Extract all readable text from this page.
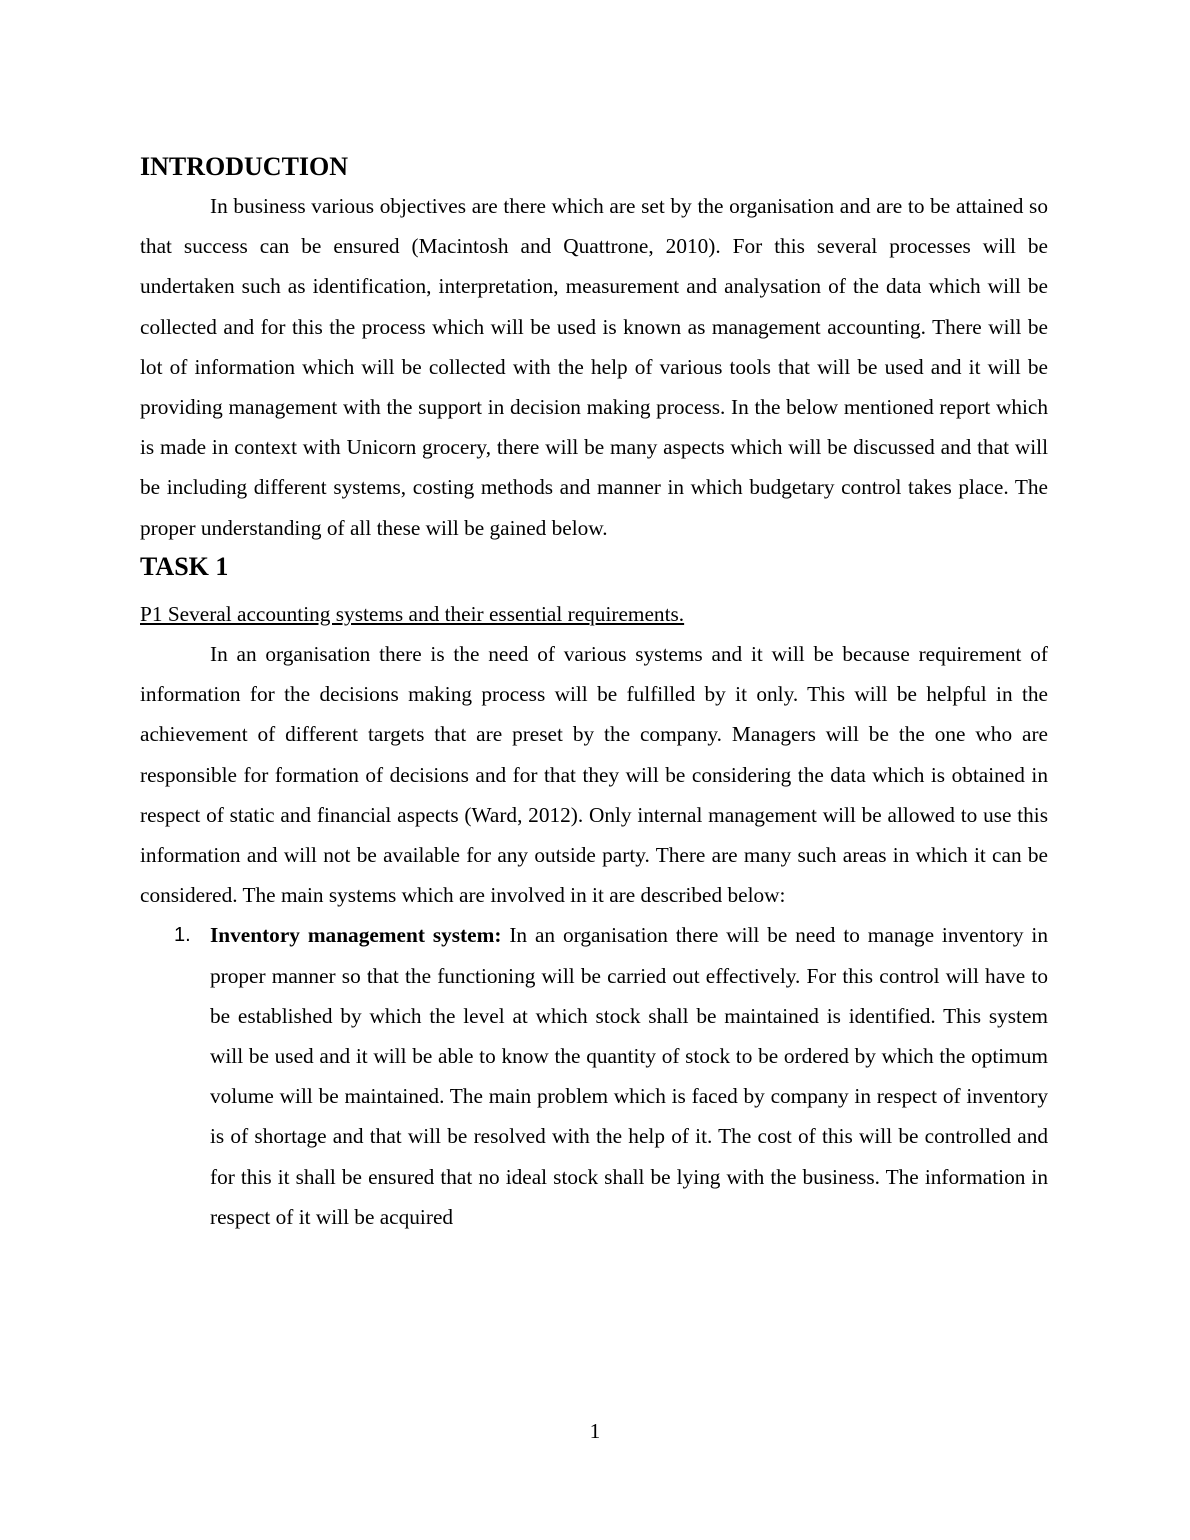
INTRODUCTION

In business various objectives are there which are set by the organisation and are to be attained so that success can be ensured (Macintosh and Quattrone, 2010). For this several processes will be undertaken such as identification, interpretation, measurement and analysation of the data which will be collected and for this the process which will be used is known as management accounting. There will be lot of information which will be collected with the help of various tools that will be used and it will be providing management with the support in decision making process. In the below mentioned report which is made in context with Unicorn grocery, there will be many aspects which will be discussed and that will be including different systems, costing methods and manner in which budgetary control takes place. The proper understanding of all these will be gained below.

TASK 1

P1 Several accounting systems and their essential requirements.

In an organisation there is the need of various systems and it will be because requirement of information for the decisions making process will be fulfilled by it only. This will be helpful in the achievement of different targets that are preset by the company. Managers will be the one who are responsible for formation of decisions and for that they will be considering the data which is obtained in respect of static and financial aspects (Ward, 2012). Only internal management will be allowed to use this information and will not be available for any outside party. There are many such areas in which it can be considered. The main systems which are involved in it are described below:

1. Inventory management system: In an organisation there will be need to manage inventory in proper manner so that the functioning will be carried out effectively. For this control will have to be established by which the level at which stock shall be maintained is identified. This system will be used and it will be able to know the quantity of stock to be ordered by which the optimum volume will be maintained. The main problem which is faced by company in respect of inventory is of shortage and that will be resolved with the help of it. The cost of this will be controlled and for this it shall be ensured that no ideal stock shall be lying with the business. The information in respect of it will be acquired
1
